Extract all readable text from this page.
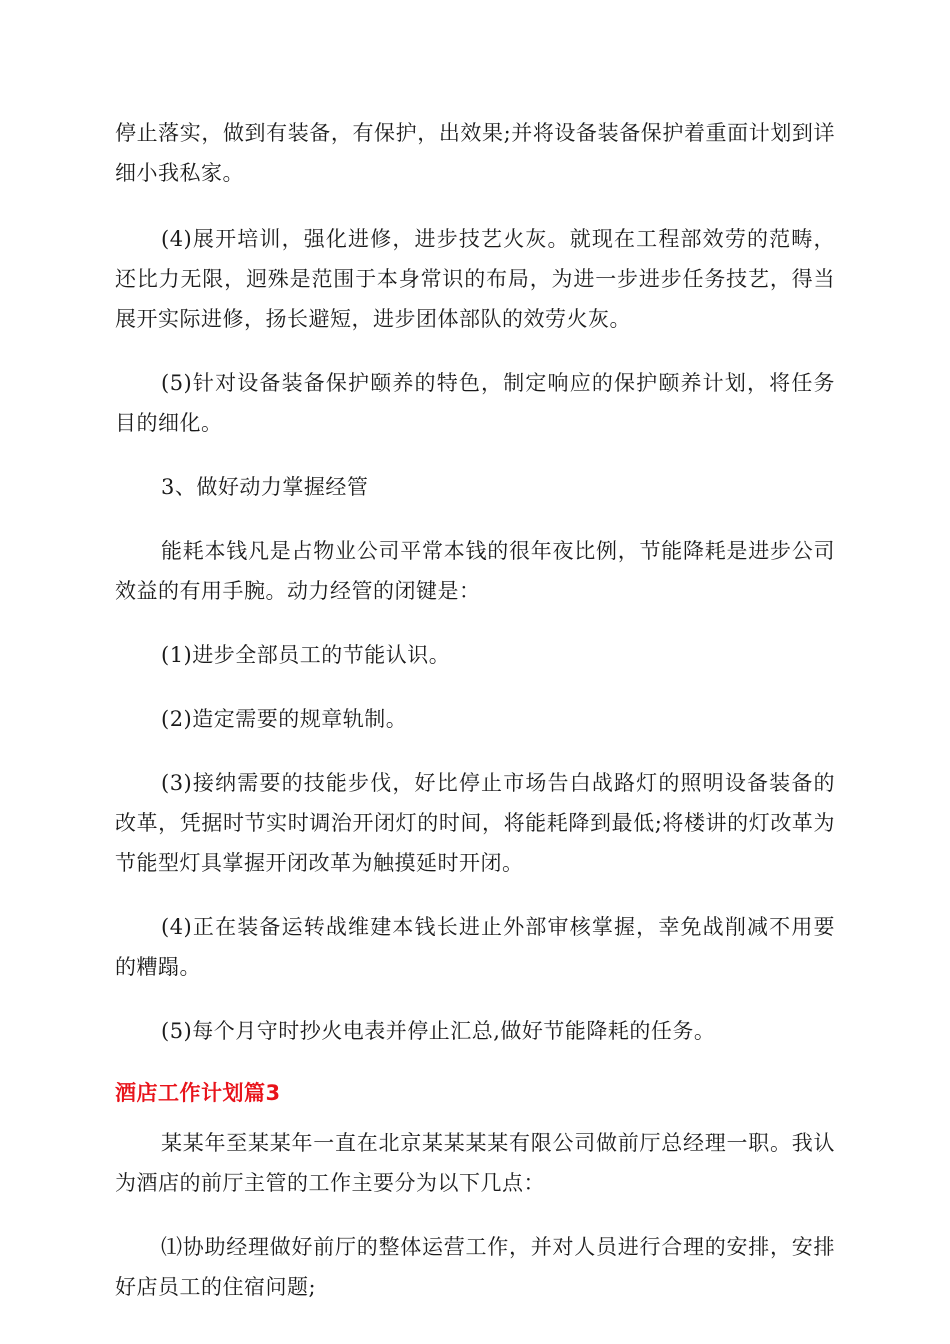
停止落实，做到有装备，有保护，出效果;并将设备装备保护着重面计划到详细小我私家。

(4)展开培训，强化进修，进步技艺火灰。就现在工程部效劳的范畴，还比力无限，迥殊是范围于本身常识的布局，为进一步进步任务技艺，得当展开实际进修，扬长避短，进步团体部队的效劳火灰。

(5)针对设备装备保护颐养的特色，制定响应的保护颐养计划，将任务目的细化。

3、做好动力掌握经管

能耗本钱凡是占物业公司平常本钱的很年夜比例，节能降耗是进步公司效益的有用手腕。动力经管的闭键是：

(1)进步全部员工的节能认识。

(2)造定需要的规章轨制。

(3)接纳需要的技能步伐，好比停止市场告白战路灯的照明设备装备的改革，凭据时节实时调治开闭灯的时间，将能耗降到最低;将楼讲的灯改革为节能型灯具掌握开闭改革为触摸延时开闭。

(4)正在装备运转战维建本钱长进止外部审核掌握，幸免战削减不用要的糟蹋。

(5)每个月守时抄火电表并停止汇总,做好节能降耗的任务。

酒店工作计划篇3

某某年至某某年一直在北京某某某某有限公司做前厅总经理一职。我认为酒店的前厅主管的工作主要分为以下几点：

⑴协助经理做好前厅的整体运营工作，并对人员进行合理的安排，安排好店员工的住宿问题;
